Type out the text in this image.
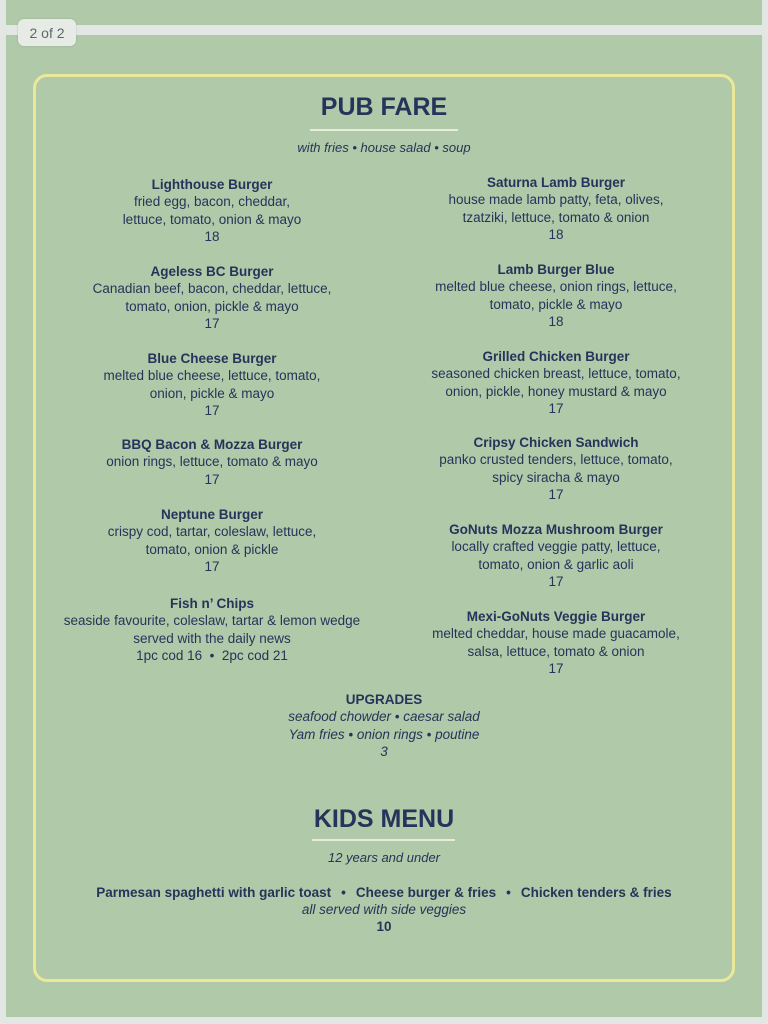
2 of 2
PUB FARE
with fries • house salad • soup
Lighthouse Burger
fried egg, bacon, cheddar,
lettuce, tomato, onion & mayo
18
Ageless BC Burger
Canadian beef, bacon, cheddar, lettuce,
tomato, onion, pickle & mayo
17
Blue Cheese Burger
melted blue cheese, lettuce, tomato,
onion, pickle & mayo
17
BBQ Bacon & Mozza Burger
onion rings, lettuce, tomato & mayo
17
Neptune Burger
crispy cod, tartar, coleslaw, lettuce,
tomato, onion & pickle
17
Fish n’ Chips
seaside favourite, coleslaw, tartar & lemon wedge
served with the daily news
1pc cod 16  •  2pc cod 21
Saturna Lamb Burger
house made lamb patty, feta, olives,
tzatziki, lettuce, tomato & onion
18
Lamb Burger Blue
melted blue cheese, onion rings, lettuce,
tomato, pickle & mayo
18
Grilled Chicken Burger
seasoned chicken breast, lettuce, tomato,
onion, pickle, honey mustard & mayo
17
Cripsy Chicken Sandwich
panko crusted tenders, lettuce, tomato,
spicy siracha & mayo
17
GoNuts Mozza Mushroom Burger
locally crafted veggie patty, lettuce,
tomato, onion & garlic aoli
17
Mexi-GoNuts Veggie Burger
melted cheddar, house made guacamole,
salsa, lettuce, tomato & onion
17
UPGRADES
seafood chowder • caesar salad
Yam fries • onion rings • poutine
3
KIDS MENU
12 years and under
Parmesan spaghetti with garlic toast • Cheese burger & fries • Chicken tenders & fries
all served with side veggies
10
